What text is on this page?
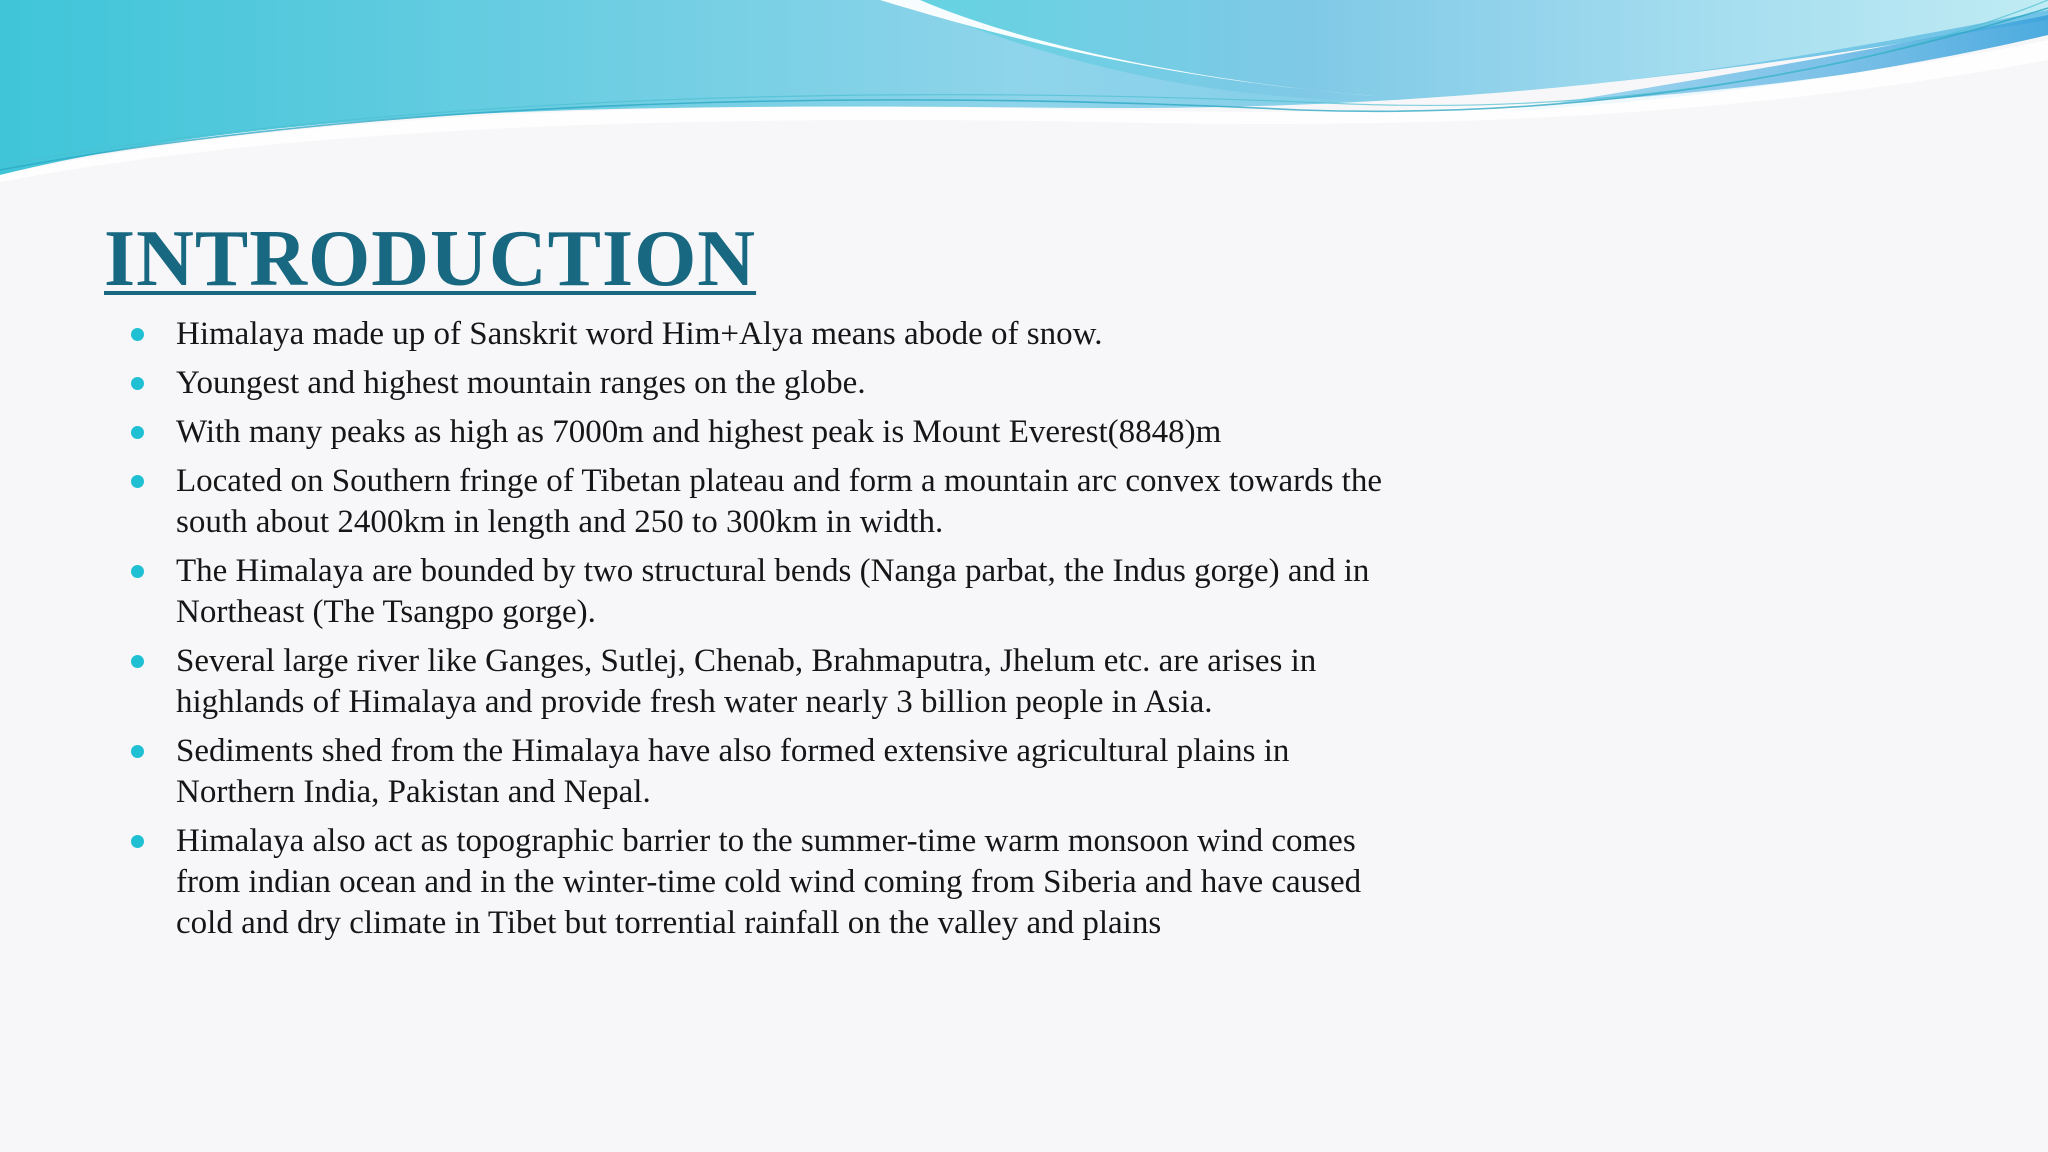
INTRODUCTION
Himalaya made up of Sanskrit word Him+Alya means abode of snow.
Youngest and highest mountain ranges on the globe.
With many peaks as high as 7000m and highest peak is Mount Everest(8848)m
Located on Southern fringe of Tibetan plateau and form a mountain arc convex towards the
south about 2400km in length and 250 to 300km in width.
The Himalaya are bounded by two structural bends (Nanga parbat, the Indus gorge) and in
Northeast (The Tsangpo gorge).
Several large river like Ganges, Sutlej, Chenab, Brahmaputra, Jhelum etc. are arises in
highlands of Himalaya and provide fresh water nearly 3 billion people in Asia.
Sediments shed from the Himalaya have also formed extensive agricultural plains in
Northern India, Pakistan and Nepal.
Himalaya also act as topographic barrier to the summer-time warm monsoon wind comes
from indian ocean and in the winter-time cold wind coming from Siberia and have caused
cold and dry climate in Tibet but torrential rainfall on the valley and plains
